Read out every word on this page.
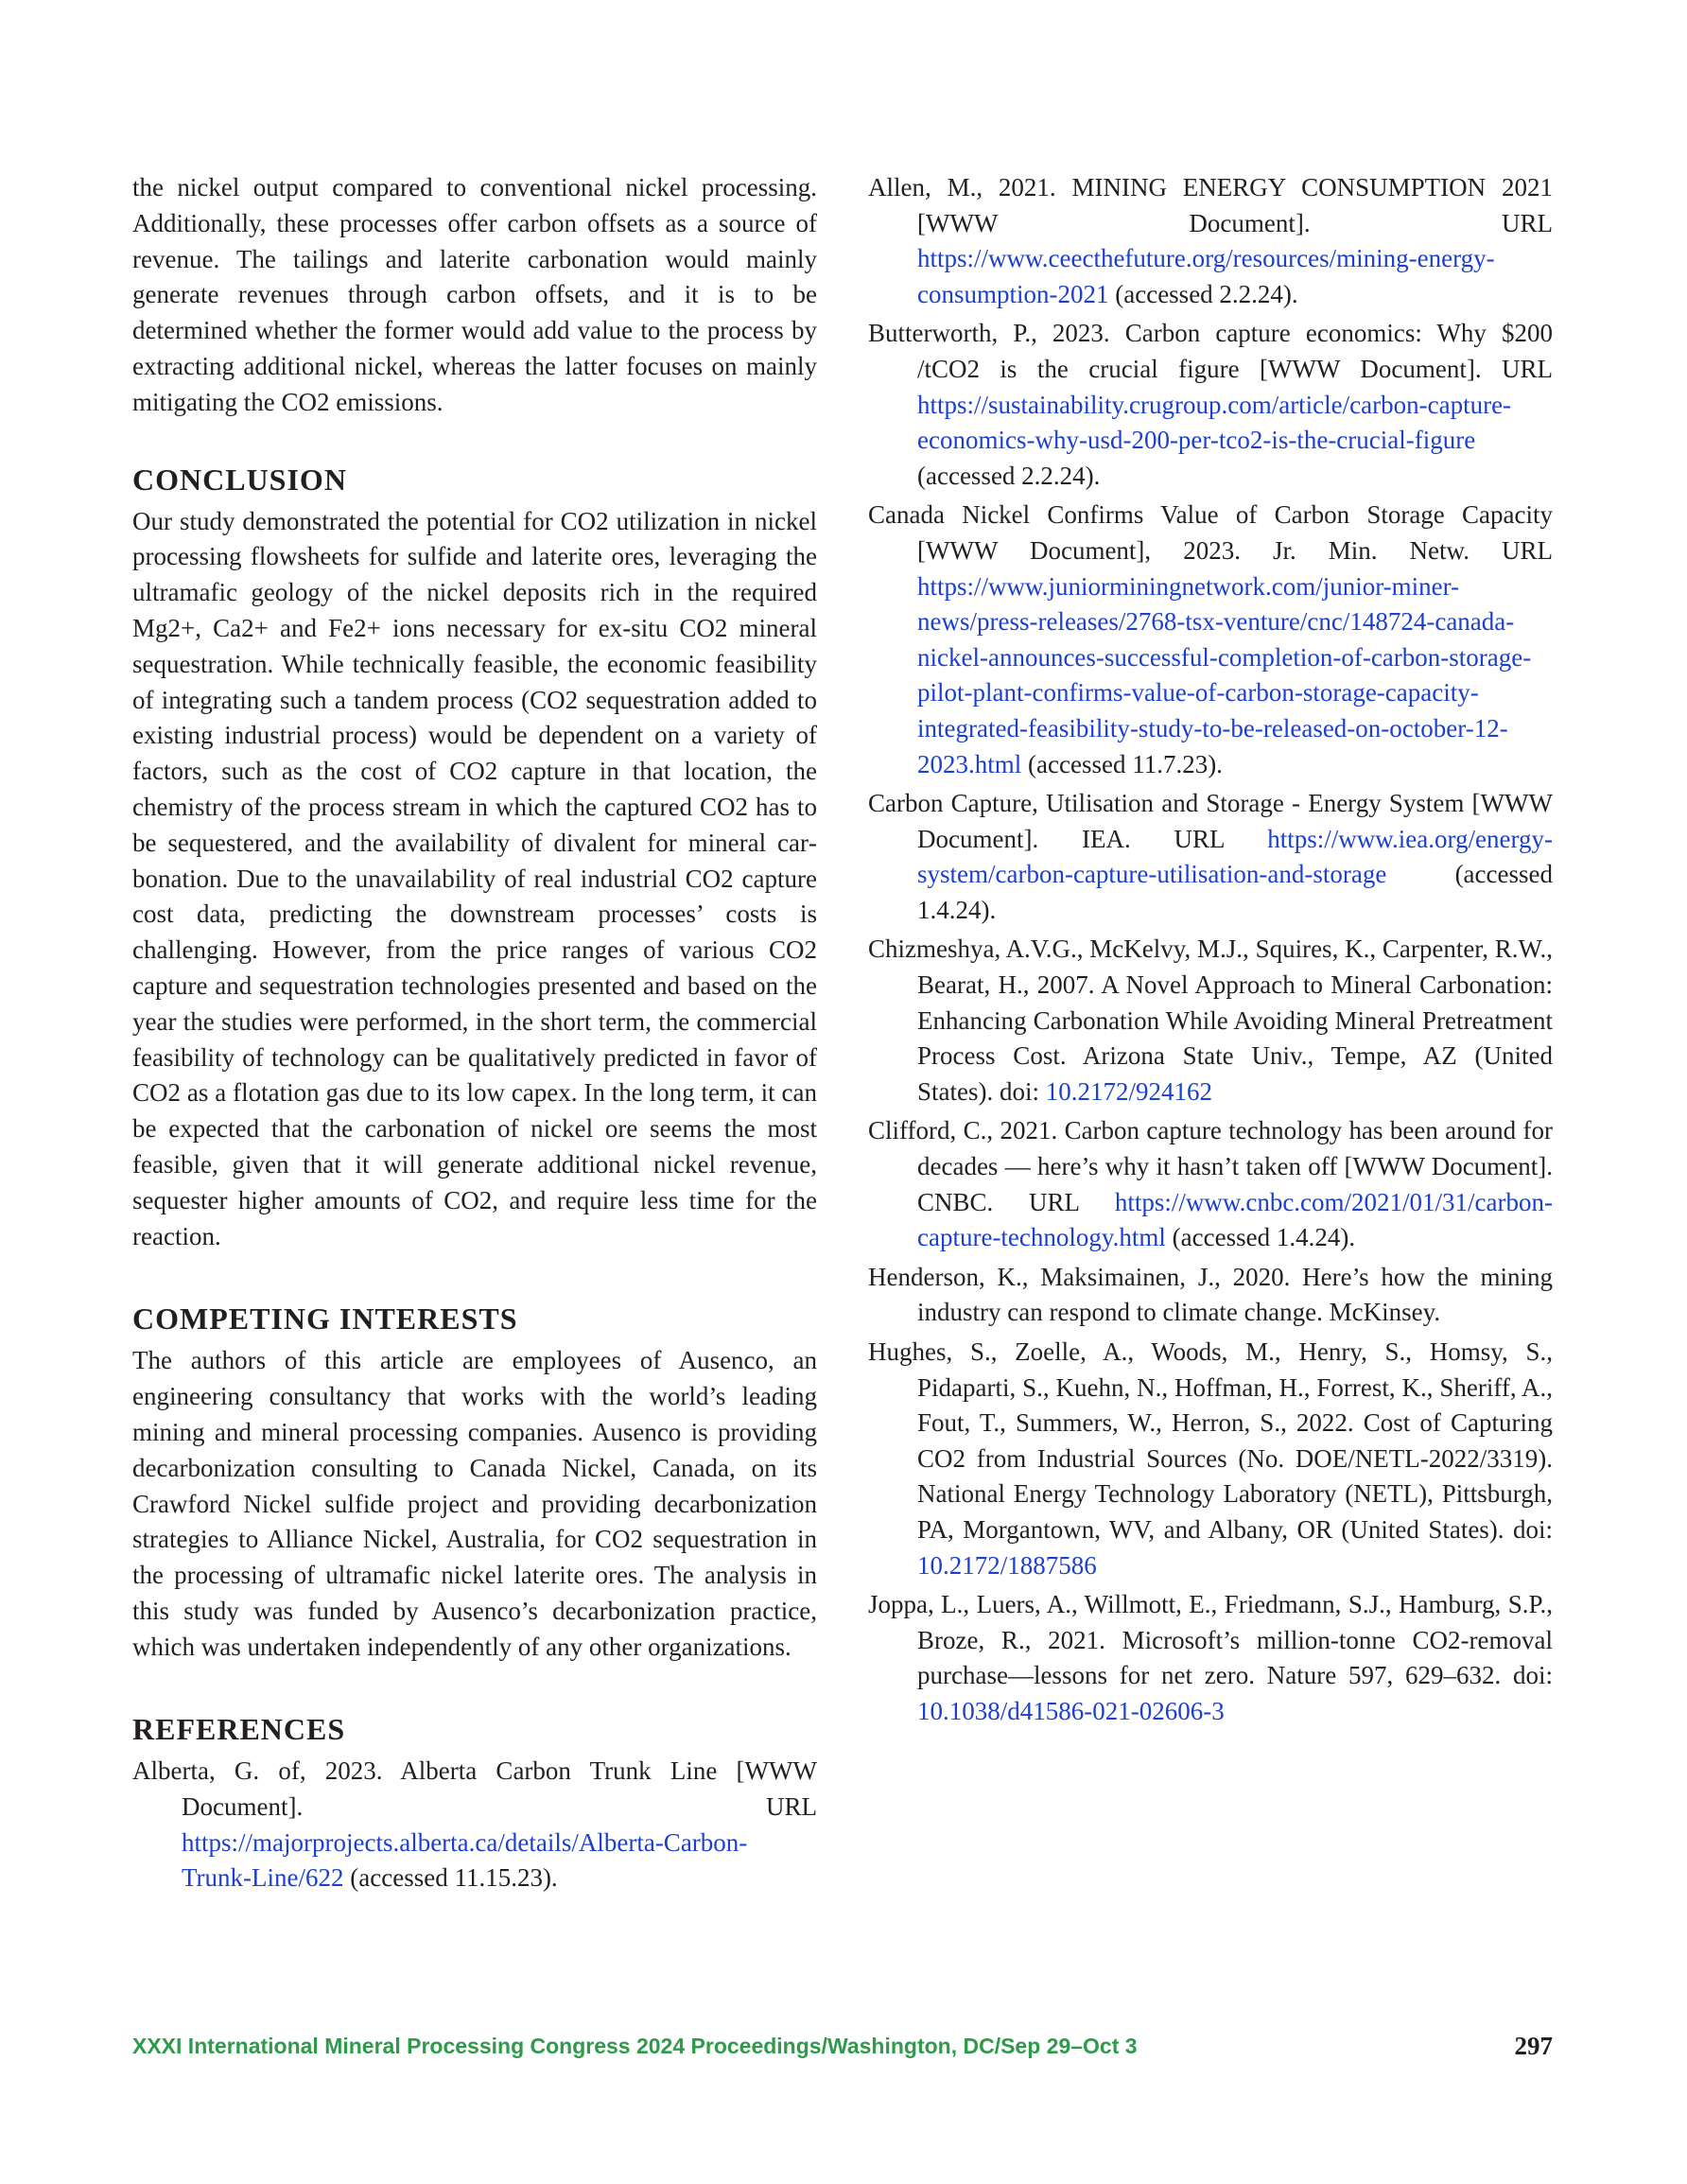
the nickel output compared to conventional nickel processing. Additionally, these processes offer carbon offsets as a source of revenue. The tailings and laterite carbonation would mainly generate revenues through carbon offsets, and it is to be determined whether the former would add value to the process by extracting additional nickel, whereas the latter focuses on mainly mitigating the CO2 emissions.

CONCLUSION

Our study demonstrated the potential for CO2 utilization in nickel processing flowsheets for sulfide and laterite ores, leveraging the ultramafic geology of the nickel deposits rich in the required Mg2+, Ca2+ and Fe2+ ions necessary for ex-situ CO2 mineral sequestration. While technically feasible, the economic feasibility of integrating such a tandem process (CO2 sequestration added to existing industrial process) would be dependent on a variety of factors, such as the cost of CO2 capture in that location, the chemistry of the process stream in which the captured CO2 has to be sequestered, and the availability of divalent for mineral carbonation. Due to the unavailability of real industrial CO2 capture cost data, predicting the downstream processes’ costs is challenging. However, from the price ranges of various CO2 capture and sequestration technologies presented and based on the year the studies were performed, in the short term, the commercial feasibility of technology can be qualitatively predicted in favor of CO2 as a flotation gas due to its low capex. In the long term, it can be expected that the carbonation of nickel ore seems the most feasible, given that it will generate additional nickel revenue, sequester higher amounts of CO2, and require less time for the reaction.

COMPETING INTERESTS

The authors of this article are employees of Ausenco, an engineering consultancy that works with the world’s leading mining and mineral processing companies. Ausenco is providing decarbonization consulting to Canada Nickel, Canada, on its Crawford Nickel sulfide project and providing decarbonization strategies to Alliance Nickel, Australia, for CO2 sequestration in the processing of ultramafic nickel laterite ores. The analysis in this study was funded by Ausenco’s decarbonization practice, which was undertaken independently of any other organizations.

REFERENCES

Alberta, G. of, 2023. Alberta Carbon Trunk Line [WWW Document]. URL https://majorprojects.alberta.ca/details/Alberta-Carbon-Trunk-Line/622 (accessed 11.15.23).

Allen, M., 2021. MINING ENERGY CONSUMPTION 2021 [WWW Document]. URL https://www.ceecthefuture.org/resources/mining-energy-consumption-2021 (accessed 2.2.24).

Butterworth, P., 2023. Carbon capture economics: Why $200 /tCO2 is the crucial figure [WWW Document]. URL https://sustainability.crugroup.com/article/carbon-capture-economics-why-usd-200-per-tco2-is-the-crucial-figure (accessed 2.2.24).

Canada Nickel Confirms Value of Carbon Storage Capacity [WWW Document], 2023. Jr. Min. Netw. URL https://www.juniorminingnetwork.com/junior-miner-news/press-releases/2768-tsx-venture/cnc/148724-canada-nickel-announces-successful-completion-of-carbon-storage-pilot-plant-confirms-value-of-carbon-storage-capacity-integrated-feasibility-study-to-be-released-on-october-12-2023.html (accessed 11.7.23).

Carbon Capture, Utilisation and Storage - Energy System [WWW Document]. IEA. URL https://www.iea.org/energy-system/carbon-capture-utilisation-and-storage (accessed 1.4.24).

Chizmeshya, A.V.G., McKelvy, M.J., Squires, K., Carpenter, R.W., Bearat, H., 2007. A Novel Approach to Mineral Carbonation: Enhancing Carbonation While Avoiding Mineral Pretreatment Process Cost. Arizona State Univ., Tempe, AZ (United States). doi: 10.2172/924162

Clifford, C., 2021. Carbon capture technology has been around for decades — here’s why it hasn’t taken off [WWW Document]. CNBC. URL https://www.cnbc.com/2021/01/31/carbon-capture-technology.html (accessed 1.4.24).

Henderson, K., Maksimainen, J., 2020. Here’s how the mining industry can respond to climate change. McKinsey.

Hughes, S., Zoelle, A., Woods, M., Henry, S., Homsy, S., Pidaparti, S., Kuehn, N., Hoffman, H., Forrest, K., Sheriff, A., Fout, T., Summers, W., Herron, S., 2022. Cost of Capturing CO2 from Industrial Sources (No. DOE/NETL-2022/3319). National Energy Technology Laboratory (NETL), Pittsburgh, PA, Morgantown, WV, and Albany, OR (United States). doi: 10.2172/1887586

Joppa, L., Luers, A., Willmott, E., Friedmann, S.J., Hamburg, S.P., Broze, R., 2021. Microsoft’s million-tonne CO2-removal purchase—lessons for net zero. Nature 597, 629–632. doi: 10.1038/d41586-021-02606-3

XXXI International Mineral Processing Congress 2024 Proceedings/Washington, DC/Sep 29–Oct 3	297
